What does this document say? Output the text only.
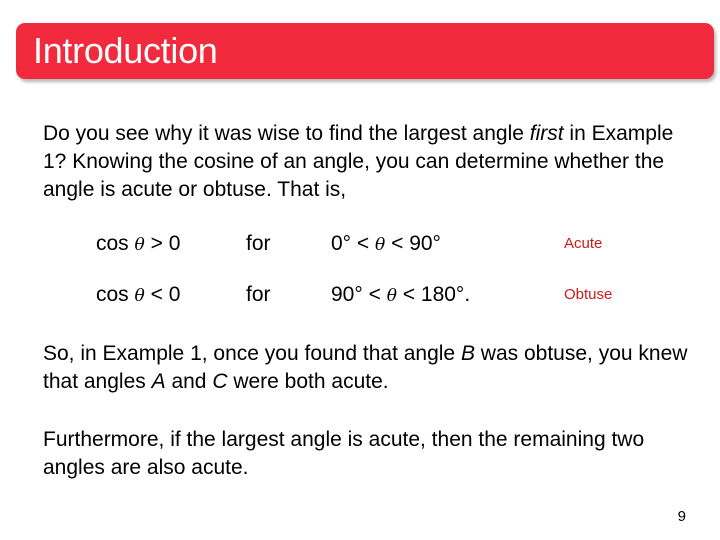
Introduction

Do you see why it was wise to find the largest angle first in Example 1? Knowing the cosine of an angle, you can determine whether the angle is acute or obtuse. That is,

cos θ > 0	for	0° < θ < 90°	Acute
cos θ < 0	for	90° < θ < 180°.	Obtuse

So, in Example 1, once you found that angle B was obtuse, you knew that angles A and C were both acute.

Furthermore, if the largest angle is acute, then the remaining two angles are also acute.

9
